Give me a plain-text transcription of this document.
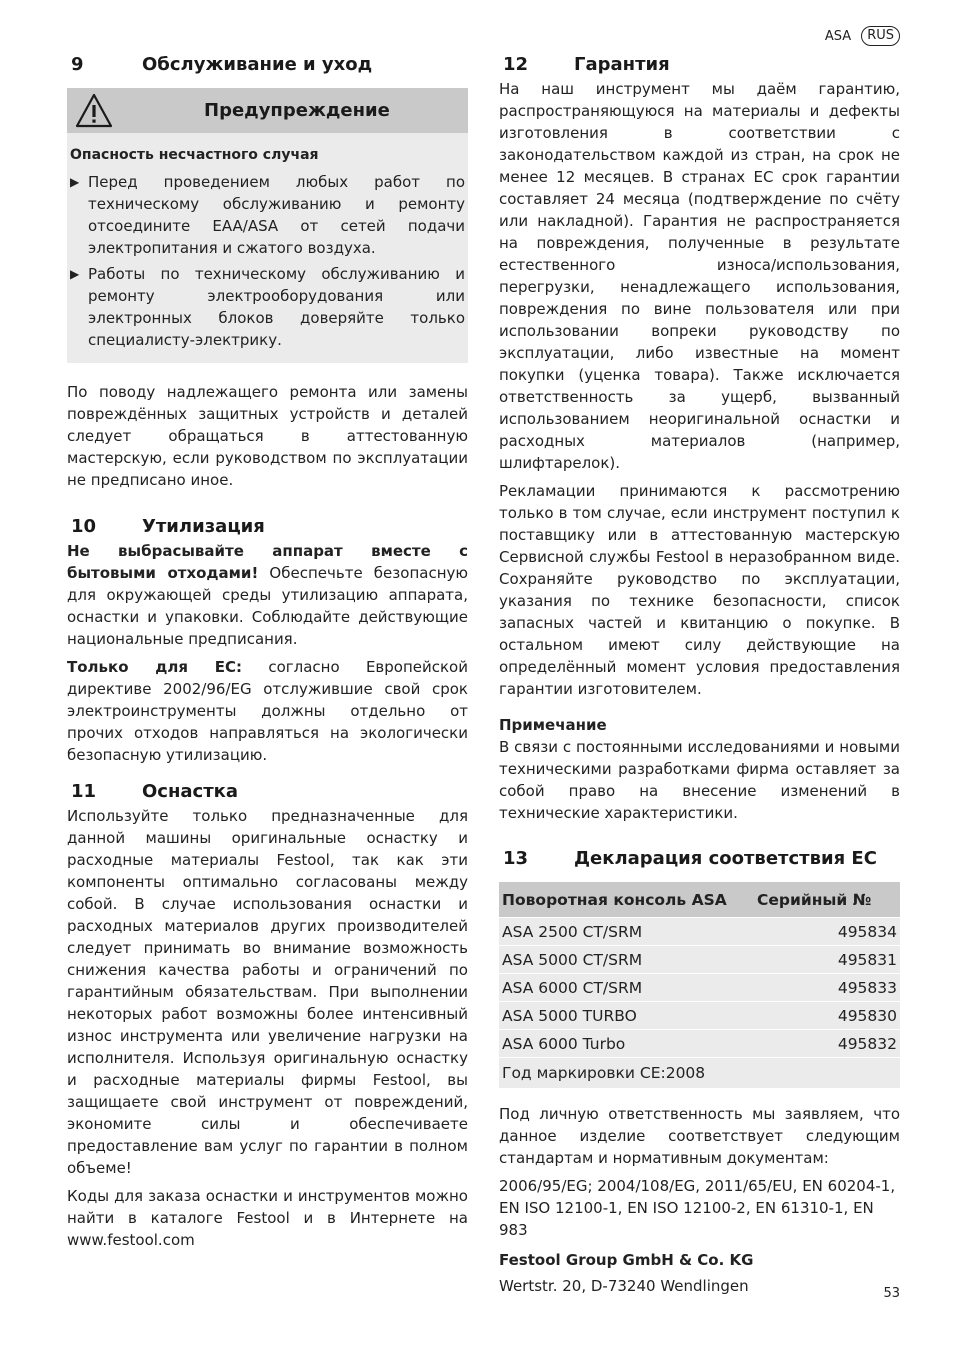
ASA	RUS
9	Обслуживание и уход
Предупреждение
Опасность несчастного случая
▶ Перед проведением любых работ по техническому обслуживанию и ремонту отсоедините EAA/ASA от сетей подачи электропитания и сжатого воздуха.

▶ Работы по техническому обслуживанию и ремонту электрооборудования или электронных блоков доверяйте только специалисту-электрику.

По поводу надлежащего ремонта или замены повреждённых защитных устройств и деталей следует обращаться в аттестованную мастерскую, если руководством по эксплуатации не предписано иное.

10	Утилизация

Не выбрасывайте аппарат вместе с бытовыми отходами! Обеспечьте безопасную для окружающей среды утилизацию аппарата, оснастки и упаковки. Соблюдайте действующие национальные предписания.

Только для ЕС: согласно Европейской директиве 2002/96/EG отслужившие свой срок электроинструменты должны отдельно от прочих отходов направляться на экологически безопасную утилизацию.

11	Оснастка

Используйте только предназначенные для данной машины оригинальные оснастку и расходные материалы Festool, так как эти компоненты оптимально согласованы между собой. В случае использования оснастки и расходных материалов других производителей следует принимать во внимание возможность снижения качества работы и ограничений по гарантийным обязательствам. При выполнении некоторых работ возможны более интенсивный износ инструмента или увеличение нагрузки на исполнителя. Используя оригинальную оснастку и расходные материалы фирмы Festool, вы защищаете свой инструмент от повреждений, экономите силы и обеспечиваете предоставление вам услуг по гарантии в полном объеме!

Коды для заказа оснастки и инструментов можно найти в каталоге Festool и в Интернете на www.festool.com

12	Гарантия

На наш инструмент мы даём гарантию, распространяющуюся на материалы и дефекты изготовления в соответствии с законодательством каждой из стран, на срок не менее 12 месяцев. В странах ЕС срок гарантии составляет 24 месяца (подтверждение по счёту или накладной). Гарантия не распространяется на повреждения, полученные в результате естественного износа/использования, перегрузки, ненадлежащего использования, повреждения по вине пользователя или при использовании вопреки руководству по эксплуатации, либо известные на момент покупки (уценка товара). Также исключается ответственность за ущерб, вызванный использованием неоригинальной оснастки и расходных материалов (например, шлифтарелок).

Рекламации принимаются к рассмотрению только в том случае, если инструмент поступил к поставщику или в аттестованную мастерскую Сервисной службы Festool в неразобранном виде. Сохраняйте руководство по эксплуатации, указания по технике безопасности, список запасных частей и квитанцию о покупке. В остальном имеют силу действующие на определённый момент условия предоставления гарантии изготовителем.

Примечание

В связи с постоянными исследованиями и новыми техническими разработками фирма оставляет за собой право на внесение изменений в технические характеристики.

13	Декларация соответствия ЕС
Поворотная консоль ASA	Серийный №
ASA 2500 CT/SRM	495834
ASA 5000 CT/SRM	495831
ASA 6000 CT/SRM	495833
ASA 5000 TURBO	495830
ASA 6000 Turbo	495832
Год маркировки CE:2008	

Под личную ответственность мы заявляем, что данное изделие соответствует следующим стандартам и нормативным документам:

2006/95/EG; 2004/108/EG, 2011/65/EU, EN 60204-1, EN ISO 12100-1, EN ISO 12100-2, EN 61310-1, EN 983

Festool Group GmbH & Co. KG

Wertstr. 20, D-73240 Wendlingen	53
